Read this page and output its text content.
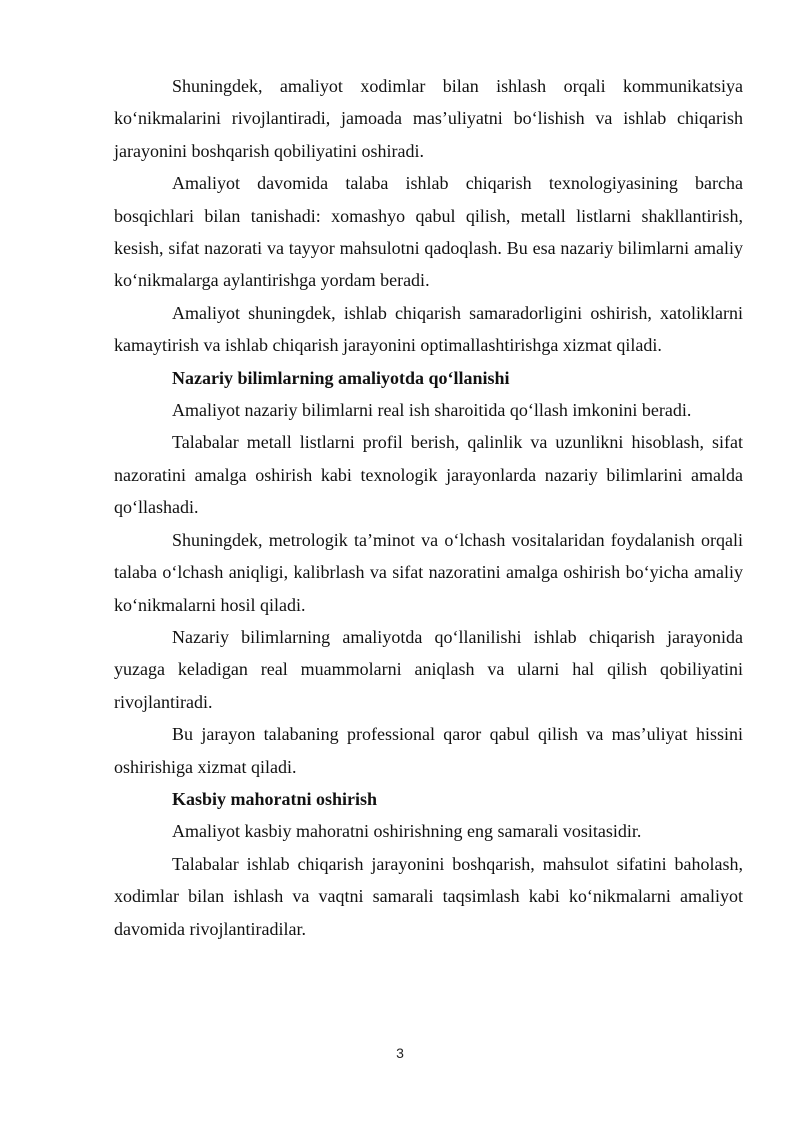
Shuningdek, amaliyot xodimlar bilan ishlash orqali kommunikatsiya ko‘nikmalarini rivojlantiradi, jamoada mas’uliyatni bo‘lishish va ishlab chiqarish jarayonini boshqarish qobiliyatini oshiradi.

Amaliyot davomida talaba ishlab chiqarish texnologiyasining barcha bosqichlari bilan tanishadi: xomashyo qabul qilish, metall listlarni shakllantirish, kesish, sifat nazorati va tayyor mahsulotni qadoqlash. Bu esa nazariy bilimlarni amaliy ko‘nikmalarga aylantirishga yordam beradi.

Amaliyot shuningdek, ishlab chiqarish samaradorligini oshirish, xatoliklarni kamaytirish va ishlab chiqarish jarayonini optimallashtirishga xizmat qiladi.

Nazariy bilimlarning amaliyotda qo‘llanishi

Amaliyot nazariy bilimlarni real ish sharoitida qo‘llash imkonini beradi.

Talabalar metall listlarni profil berish, qalinlik va uzunlikni hisoblash, sifat nazoratini amalga oshirish kabi texnologik jarayonlarda nazariy bilimlarini amalda qo‘llashadi.

Shuningdek, metrologik ta’minot va o‘lchash vositalaridan foydalanish orqali talaba o‘lchash aniqligi, kalibrlash va sifat nazoratini amalga oshirish bo‘yicha amaliy ko‘nikmalarni hosil qiladi.

Nazariy bilimlarning amaliyotda qo‘llanilishi ishlab chiqarish jarayonida yuzaga keladigan real muammolarni aniqlash va ularni hal qilish qobiliyatini rivojlantiradi.

Bu jarayon talabaning professional qaror qabul qilish va mas’uliyat hissini oshirishiga xizmat qiladi.

Kasbiy mahoratni oshirish

Amaliyot kasbiy mahoratni oshirishning eng samarali vositasidir.

Talabalar ishlab chiqarish jarayonini boshqarish, mahsulot sifatini baholash, xodimlar bilan ishlash va vaqtni samarali taqsimlash kabi ko‘nikmalarni amaliyot davomida rivojlantiradilar.

3
